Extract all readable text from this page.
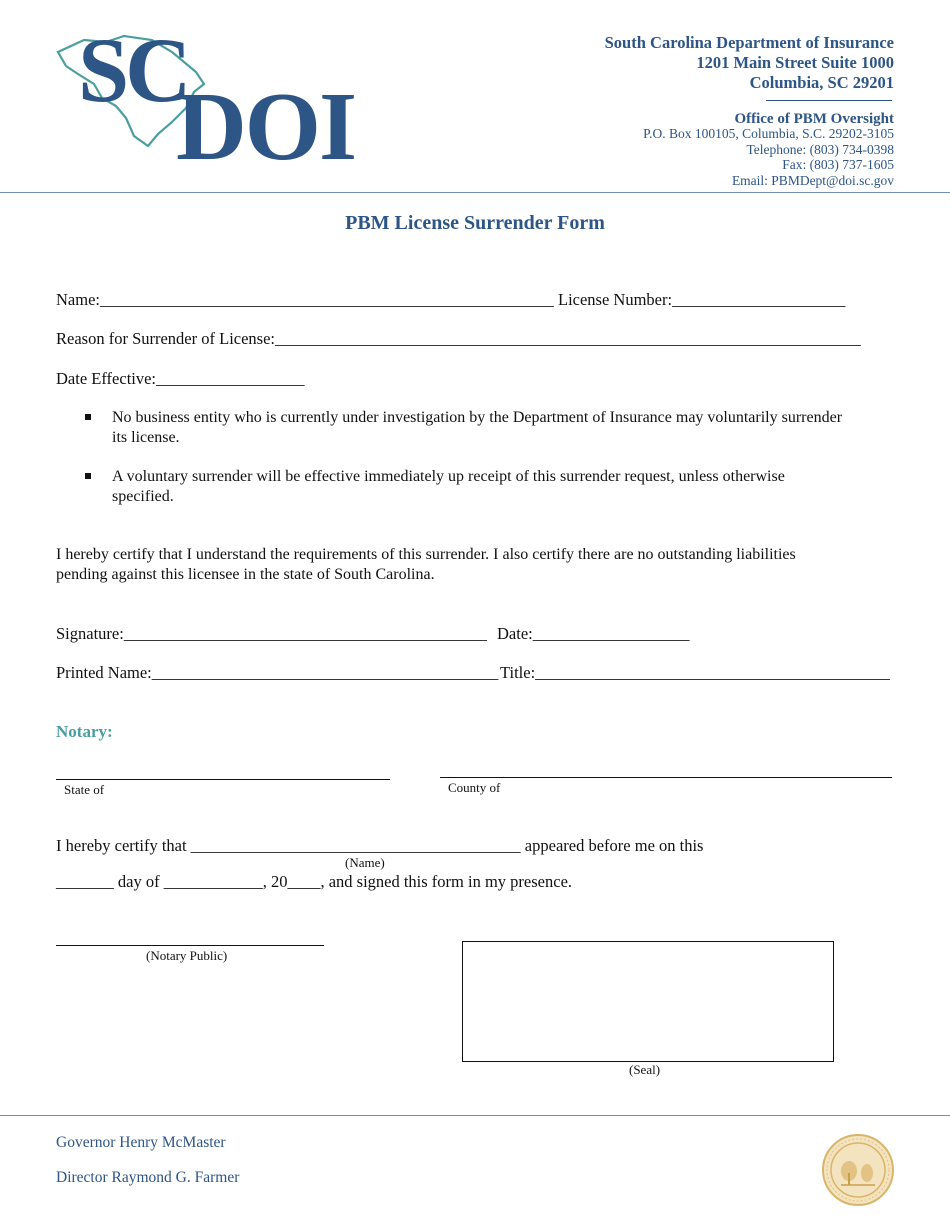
SC
DOI
South Carolina Department of Insurance
1201 Main Street Suite 1000
Columbia, SC 29201
Office of PBM Oversight
P.O. Box 100105, Columbia, S.C. 29202-3105
Telephone: (803) 734-0398
Fax: (803) 737-1605
Email: PBMDept@doi.sc.gov
PBM License Surrender Form
Name:_______________________________________________________ License Number:_____________________
Reason for Surrender of License:_______________________________________________________________________
Date Effective:__________________
No business entity who is currently under investigation by the Department of Insurance may voluntarily surrender
its license.
A voluntary surrender will be effective immediately up receipt of this surrender request, unless otherwise
specified.
I hereby certify that I understand the requirements of this surrender. I also certify there are no outstanding liabilities
pending against this licensee in the state of South Carolina.
Signature:____________________________________________ Date:___________________
Printed Name:__________________________________________ Title:___________________________________________
Notary:
State of	County of
I hereby certify that ________________________________________ appeared before me on this
(Name)
_______ day of ____________, 20____, and signed this form in my presence.
(Notary Public)
(Seal)
Governor Henry McMaster
Director Raymond G. Farmer
